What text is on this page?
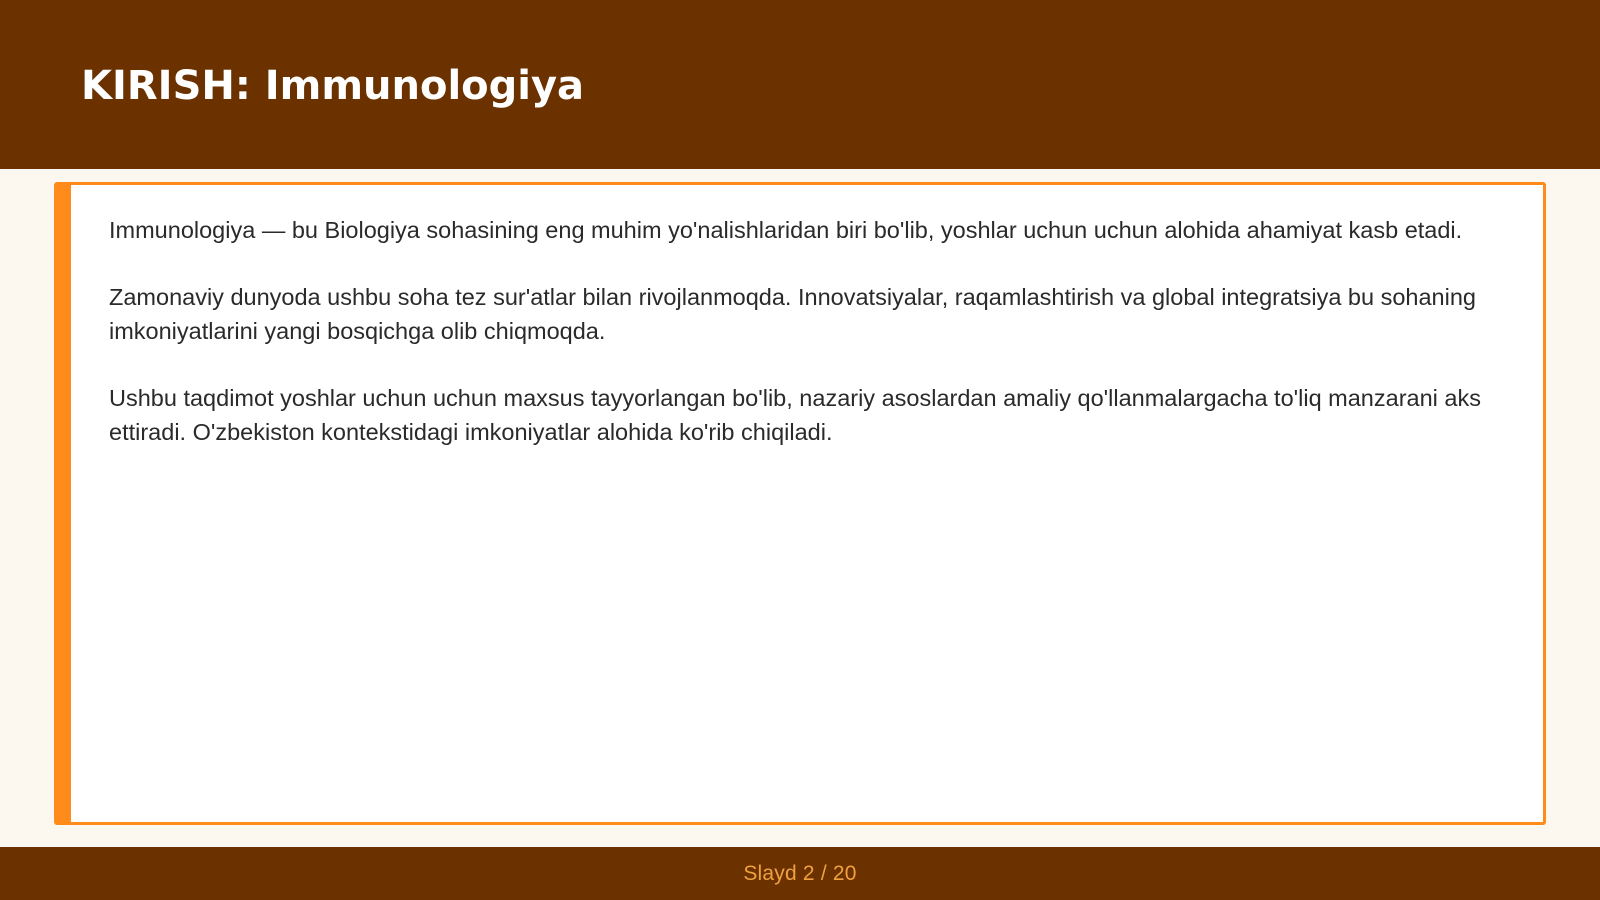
KIRISH: Immunologiya

Immunologiya — bu Biologiya sohasining eng muhim yo'nalishlaridan biri bo'lib, yoshlar uchun uchun alohida ahamiyat kasb etadi.

Zamonaviy dunyoda ushbu soha tez sur'atlar bilan rivojlanmoqda. Innovatsiyalar, raqamlashtirish va global integratsiya bu sohaning imkoniyatlarini yangi bosqichga olib chiqmoqda.

Ushbu taqdimot yoshlar uchun uchun maxsus tayyorlangan bo'lib, nazariy asoslardan amaliy qo'llanmalargacha to'liq manzarani aks ettiradi. O'zbekiston kontekstidagi imkoniyatlar alohida ko'rib chiqiladi.

Slayd 2 / 20
